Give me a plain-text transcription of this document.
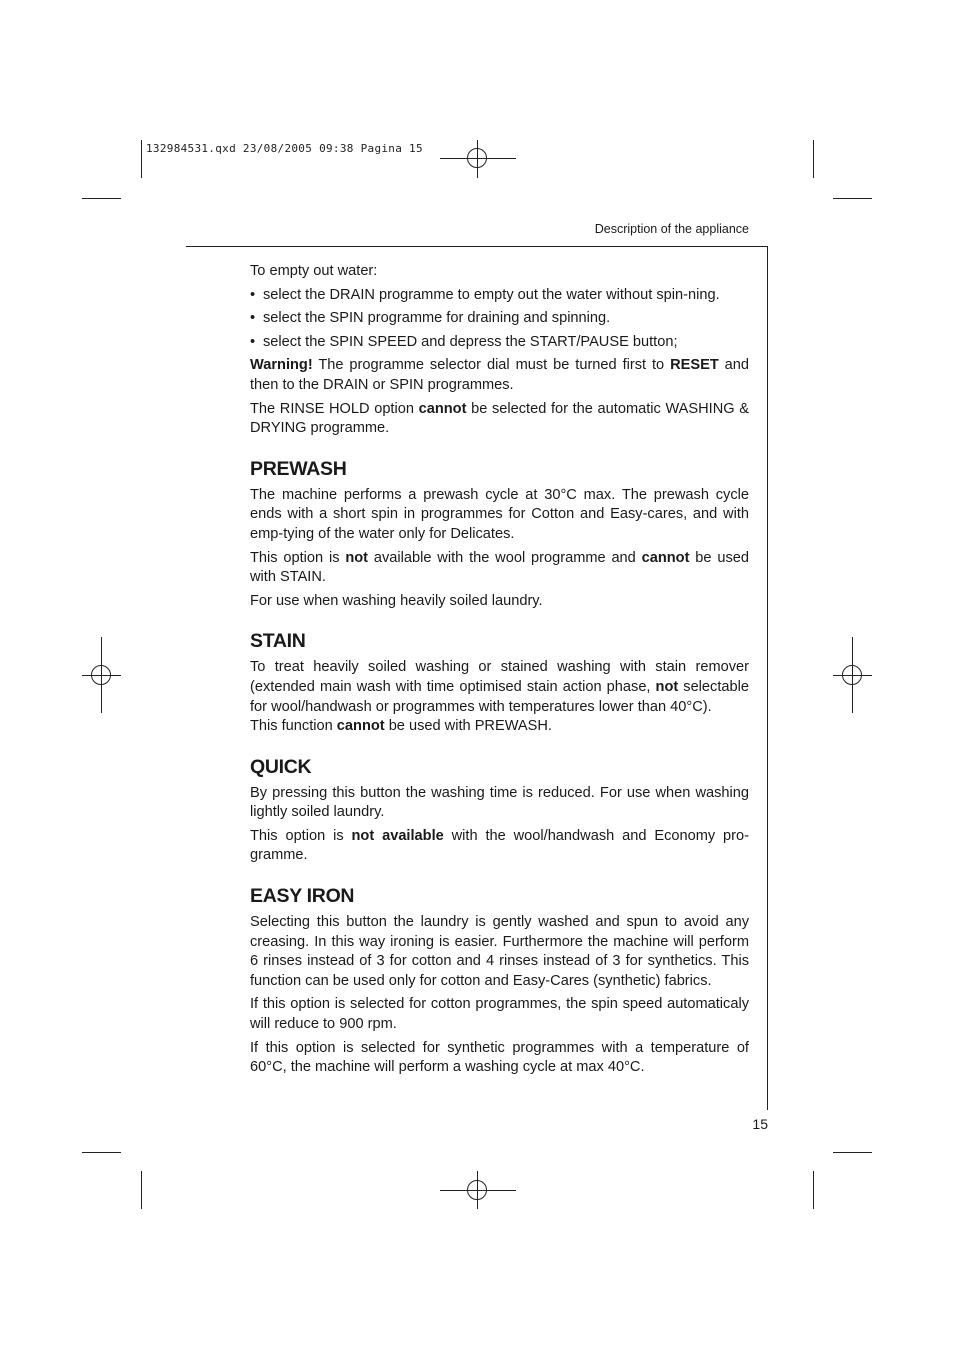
132984531.qxd 23/08/2005 09:38 Pagina 15
Description of the appliance

To empty out water:

• select the DRAIN programme to empty out the water without spin-ning.
• select the SPIN programme for draining and spinning.
• select the SPIN SPEED and depress the START/PAUSE button;

Warning! The programme selector dial must be turned first to RESET and then to the DRAIN or SPIN programmes.

The RINSE HOLD option cannot be selected for the automatic WASHING & DRYING programme.

PREWASH

The machine performs a prewash cycle at 30°C max. The prewash cycle ends with a short spin in programmes for Cotton and Easy-cares, and with emp-tying of the water only for Delicates.

This option is not available with the wool programme and cannot be used with STAIN.

For use when washing heavily soiled laundry.

STAIN

To treat heavily soiled washing or stained washing with stain remover (extended main wash with time optimised stain action phase, not selectable for wool/handwash or programmes with temperatures lower than 40°C).

This function cannot be used with PREWASH.

QUICK

By pressing this button the washing time is reduced. For use when washing lightly soiled laundry.

This option is not available with the wool/handwash and Economy pro-gramme.

EASY IRON

Selecting this button the laundry is gently washed and spun to avoid any creasing. In this way ironing is easier. Furthermore the machine will perform 6 rinses instead of 3 for cotton and 4 rinses instead of 3 for synthetics. This function can be used only for cotton and Easy-Cares (synthetic) fabrics.

If this option is selected for cotton programmes, the spin speed automaticaly will reduce to 900 rpm.

If this option is selected for synthetic programmes with a temperature of 60°C, the machine will perform a washing cycle at max 40°C.

15
